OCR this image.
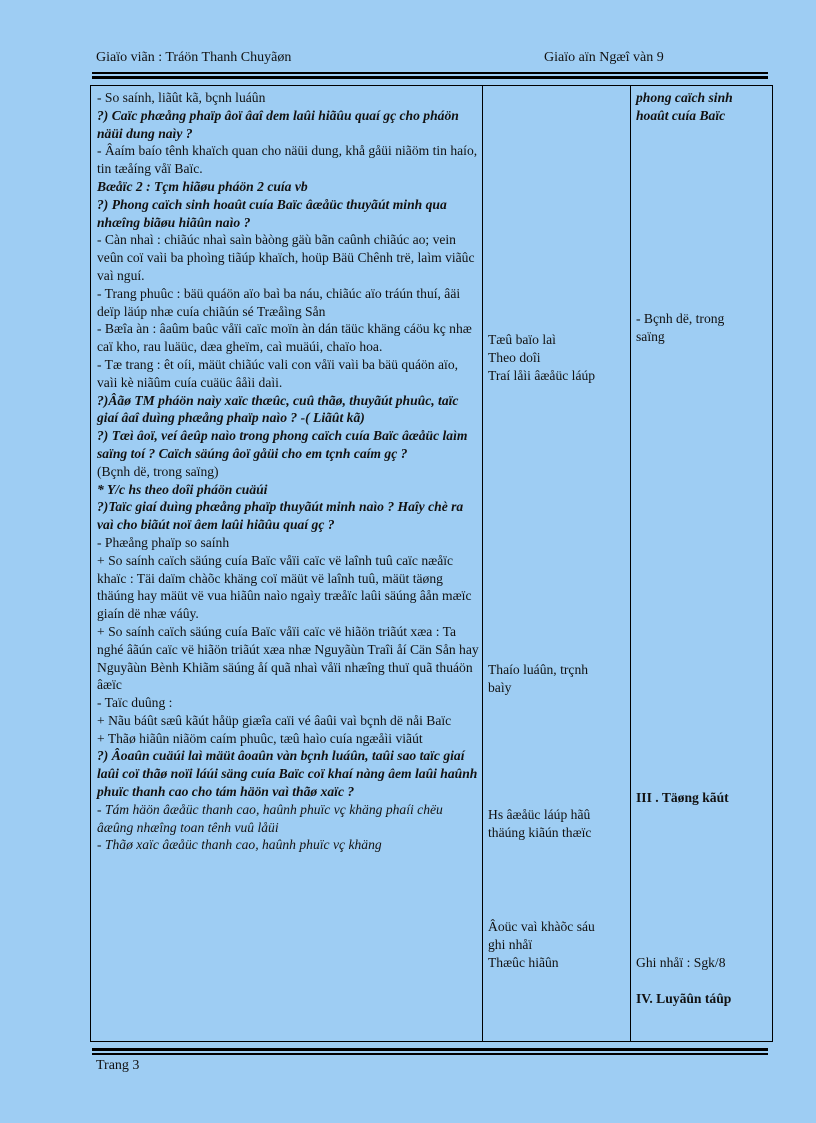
Giaïo viãn : Tráön Thanh Chuyãøn	Giaïo aïn Ngæî vàn 9

- So saính, liãût kã, bçnh luáûn

?) Caïc phæång phaïp âoï âaî dem laûi hiãûu quaí gç cho pháön näüi dung naìy ?

- Âaím baío tênh khaïch quan cho näüi dung, khå gåüi niãöm tin haío, tin tæåíng våï Baïc.

Bæåïc 2 : Tçm hiãøu pháön 2 cuía vb

?) Phong caïch sinh hoaût cuía Baïc âæåüc thuyãút minh qua nhæîng biãøu hiãûn naìo ?

- Càn nhaì : chiãúc nhaì saìn bàòng gäù bãn caûnh chiãúc ao; vein veûn coï vaìi ba phoìng tiãúp khaïch, hoüp Bäü Chênh trë, laìm viãûc vaì nguí.

- Trang phuûc : bäü quáön aïo baì ba náu, chiãúc aïo tráún thuí, âäi deïp läúp nhæ cuía chiãún sé Træåìng Sån

- Bæîa àn : âaûm baûc våïi caïc moïn àn dán täüc khäng cáöu kç nhæ caï kho, rau luäüc, dæa gheïm, caì muäúi, chaïo hoa.

- Tæ trang : êt oíi, mäüt chiãúc vali con våïi vaìi ba bäü quáön aïo, vaìi kè niãûm cuía cuäüc âåìi daìi.

?)Âãø TM pháön naìy xaïc thæûc, cuû thãø, thuyãút phuûc, taïc giaí âaî duìng phæång phaïp naìo ? -( Liãût kã)

?) Tæì âoï, veí âeûp naìo trong phong caïch cuía Baïc âæåüc laìm saïng toí ? Caïch säúng âoï gåüi cho em tçnh caím gç ?

(Bçnh dë, trong saïng)

* Y/c hs theo doîi pháön cuäúi

?)Taïc giaí duìng phæång phaïp thuyãút minh naìo ? Haîy chè ra vaì cho biãút noï âem laûi hiãûu quaí gç ?

- Phæång phaïp so saính

+ So saính caïch säúng cuía Baïc våïi caïc vë laînh tuû caïc næåïc khaïc : Täi daïm chàõc khäng coï mäüt vë laînh tuû, mäüt täøng thäúng hay mäüt vë vua hiãûn naìo ngaìy træåïc laûi säúng âån mæïc giaín dë nhæ váûy.

+ So saính caïch säúng cuía Baïc våïi caïc vë hiãön triãút xæa : Ta nghé âãún caïc vë hiãön triãút xæa nhæ Nguyãùn Traîi åí Cän Sån hay Nguyãùn Bènh Khiãm säúng åí quã nhaì våïi nhæîng thuï quã thuáön âæïc

- Taïc duûng :

+ Nãu báût sæû kãút håüp giæîa caïi vé âaûi vaì bçnh dë nåi Baïc

+ Thãø hiãûn niãöm caím phuûc, tæû haìo cuía ngæåìi viãút

?) Âoaûn cuäúi laì mäüt âoaûn vàn bçnh luáûn, taûi sao taïc giaí laûi coï thãø noïi láúi säng cuía Baïc coï khaí nàng âem laûi haûnh phuïc thanh cao cho tám häön vaì thãø xaïc ?

- Tám häön âæåüc thanh cao, haûnh phuïc vç khäng phaíi chëu âæûng nhæîng toan tênh vuû låüi

- Thãø xaïc âæåüc thanh cao, haûnh phuïc vç khäng

Tæû baïo laì
Theo doîi
Traí låìi âæåüc láúp
Thaío luáûn, trçnh
baìy
Hs âæåüc láúp hãû
thäúng kiãún thæïc
Âoüc vaì khàõc sáu
ghi nhåï
Thæûc hiãûn
phong caïch sinh
hoaût cuía Baïc
- Bçnh dë, trong
saïng
III . Täøng kãút
Ghi nhåï : Sgk/8
IV. Luyãûn táûp
Trang 3
